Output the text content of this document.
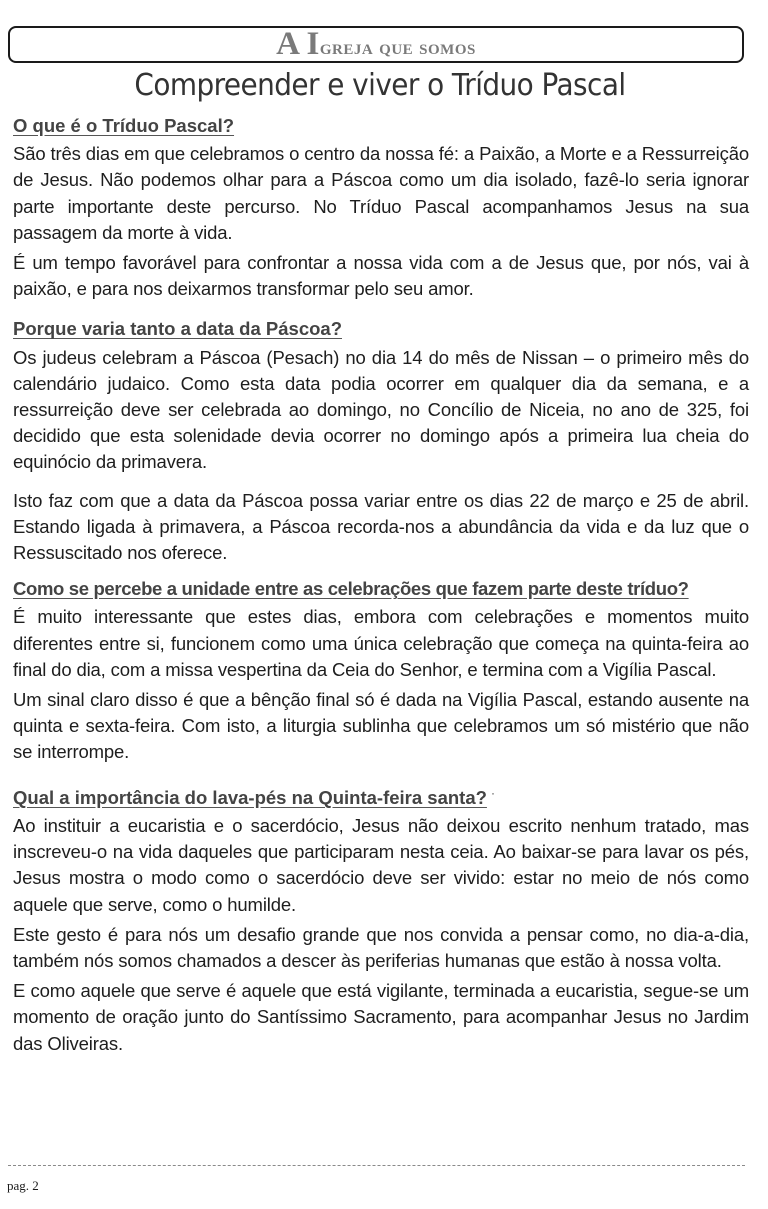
A Igreja que somos
Compreender e viver o Tríduo Pascal
O que é o Tríduo Pascal?

São três dias em que celebramos o centro da nossa fé: a Paixão, a Morte e a Ressurreição de Jesus. Não podemos olhar para a Páscoa como um dia isolado, fazê-lo seria ignorar parte importante deste percurso. No Tríduo Pascal acompanhamos Jesus na sua passagem da morte à vida.

É um tempo favorável para confrontar a nossa vida com a de Jesus que, por nós, vai à paixão, e para nos deixarmos transformar pelo seu amor.

Porque varia tanto a data da Páscoa?

Os judeus celebram a Páscoa (Pesach) no dia 14 do mês de Nissan – o primeiro mês do calendário judaico. Como esta data podia ocorrer em qualquer dia da semana, e a ressurreição deve ser celebrada ao domingo, no Concílio de Niceia, no ano de 325, foi decidido que esta solenidade devia ocorrer no domingo após a primeira lua cheia do equinócio da primavera.

Isto faz com que a data da Páscoa possa variar entre os dias 22 de março e 25 de abril. Estando ligada à primavera, a Páscoa recorda-nos a abundância da vida e da luz que o Ressuscitado nos oferece.

Como se percebe a unidade entre as celebrações que fazem parte deste tríduo?

É muito interessante que estes dias, embora com celebrações e momentos muito diferentes entre si, funcionem como uma única celebração que começa na quinta-feira ao final do dia, com a missa vespertina da Ceia do Senhor, e termina com a Vigília Pascal.

Um sinal claro disso é que a bênção final só é dada na Vigília Pascal, estando ausente na quinta e sexta-feira. Com isto, a liturgia sublinha que celebramos um só mistério que não se interrompe.

Qual a importância do lava-pés na Quinta-feira santa? ·

Ao instituir a eucaristia e o sacerdócio, Jesus não deixou escrito nenhum tratado, mas inscreveu-o na vida daqueles que participaram nesta ceia. Ao baixar-se para lavar os pés, Jesus mostra o modo como o sacerdócio deve ser vivido: estar no meio de nós como aquele que serve, como o humilde.

Este gesto é para nós um desafio grande que nos convida a pensar como, no dia-a-dia, também nós somos chamados a descer às periferias humanas que estão à nossa volta.

E como aquele que serve é aquele que está vigilante, terminada a eucaristia, segue-se um momento de oração junto do Santíssimo Sacramento, para acompanhar Jesus no Jardim das Oliveiras.

pag. 2
